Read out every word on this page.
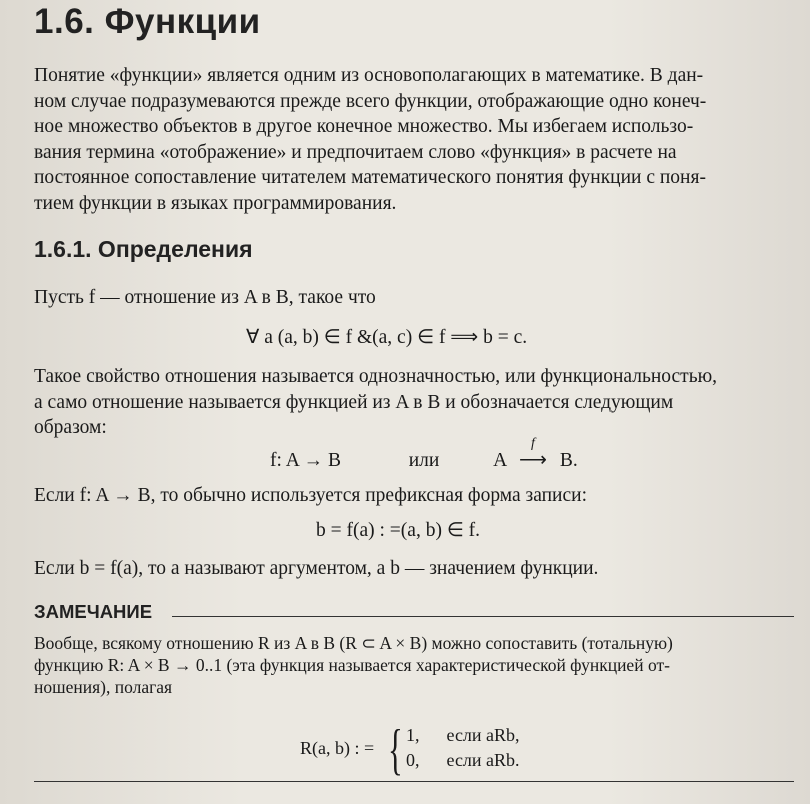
1.6. Функции
Понятие «функции» является одним из основополагающих в математике. В дан-
ном случае подразумеваются прежде всего функции, отображающие одно конеч-
ное множество объектов в другое конечное множество. Мы избегаем использо-
вания термина «отображение» и предпочитаем слово «функция» в расчете на
постоянное сопоставление читателем математического понятия функции с поня-
тием функции в языках программирования.
1.6.1. Определения
Пусть f — отношение из A в B, такое что
∀ a (a, b) ∈ f &(a, c) ∈ f ⟹ b = c.
Такое свойство отношения называется однозначностью, или функциональностью,
а само отношение называется функцией из A в B и обозначается следующим
образом:
f: A → B	или	A
f
⟶ B.
Если f: A → B, то обычно используется префиксная форма записи:
b = f(a) : =(a, b) ∈ f.
Если b = f(a), то a называют аргументом, а b — значением функции.
ЗАМЕЧАНИЕ
Вообще, всякому отношению R из A в B (R ⊂ A × B) можно сопоставить (тотальную)
функцию R: A × B → 0..1 (эта функция называется характеристической функцией от-
ношения), полагая
R(a, b) : = { 1, если aRb,
0, если aRb.
